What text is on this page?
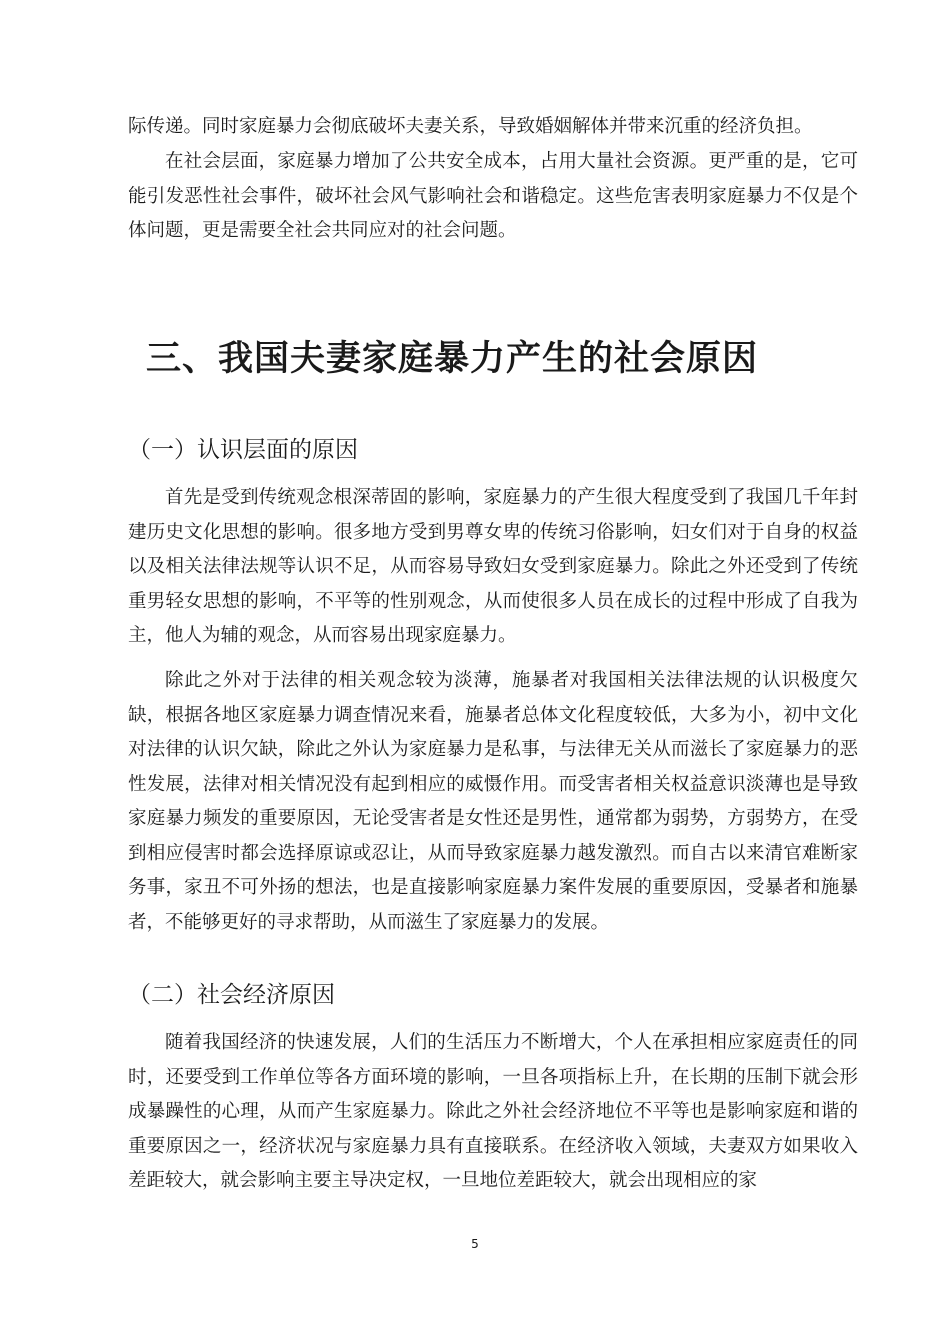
际传递。同时家庭暴力会彻底破坏夫妻关系，导致婚姻解体并带来沉重的经济负担。

在社会层面，家庭暴力增加了公共安全成本，占用大量社会资源。更严重的是，它可能引发恶性社会事件，破坏社会风气影响社会和谐稳定。这些危害表明家庭暴力不仅是个体问题，更是需要全社会共同应对的社会问题。

三、我国夫妻家庭暴力产生的社会原因
（一）认识层面的原因

首先是受到传统观念根深蒂固的影响，家庭暴力的产生很大程度受到了我国几千年封建历史文化思想的影响。很多地方受到男尊女卑的传统习俗影响，妇女们对于自身的权益以及相关法律法规等认识不足，从而容易导致妇女受到家庭暴力。除此之外还受到了传统重男轻女思想的影响，不平等的性别观念，从而使很多人员在成长的过程中形成了自我为主，他人为辅的观念，从而容易出现家庭暴力。

除此之外对于法律的相关观念较为淡薄，施暴者对我国相关法律法规的认识极度欠缺，根据各地区家庭暴力调查情况来看，施暴者总体文化程度较低，大多为小，初中文化对法律的认识欠缺，除此之外认为家庭暴力是私事，与法律无关从而滋长了家庭暴力的恶性发展，法律对相关情况没有起到相应的威慑作用。而受害者相关权益意识淡薄也是导致家庭暴力频发的重要原因，无论受害者是女性还是男性，通常都为弱势，方弱势方，在受到相应侵害时都会选择原谅或忍让，从而导致家庭暴力越发激烈。而自古以来清官难断家务事，家丑不可外扬的想法，也是直接影响家庭暴力案件发展的重要原因，受暴者和施暴者，不能够更好的寻求帮助，从而滋生了家庭暴力的发展。

（二）社会经济原因

随着我国经济的快速发展，人们的生活压力不断增大，个人在承担相应家庭责任的同时，还要受到工作单位等各方面环境的影响，一旦各项指标上升，在长期的压制下就会形成暴躁性的心理，从而产生家庭暴力。除此之外社会经济地位不平等也是影响家庭和谐的重要原因之一，经济状况与家庭暴力具有直接联系。在经济收入领域，夫妻双方如果收入差距较大，就会影响主要主导决定权，一旦地位差距较大，就会出现相应的家

5
